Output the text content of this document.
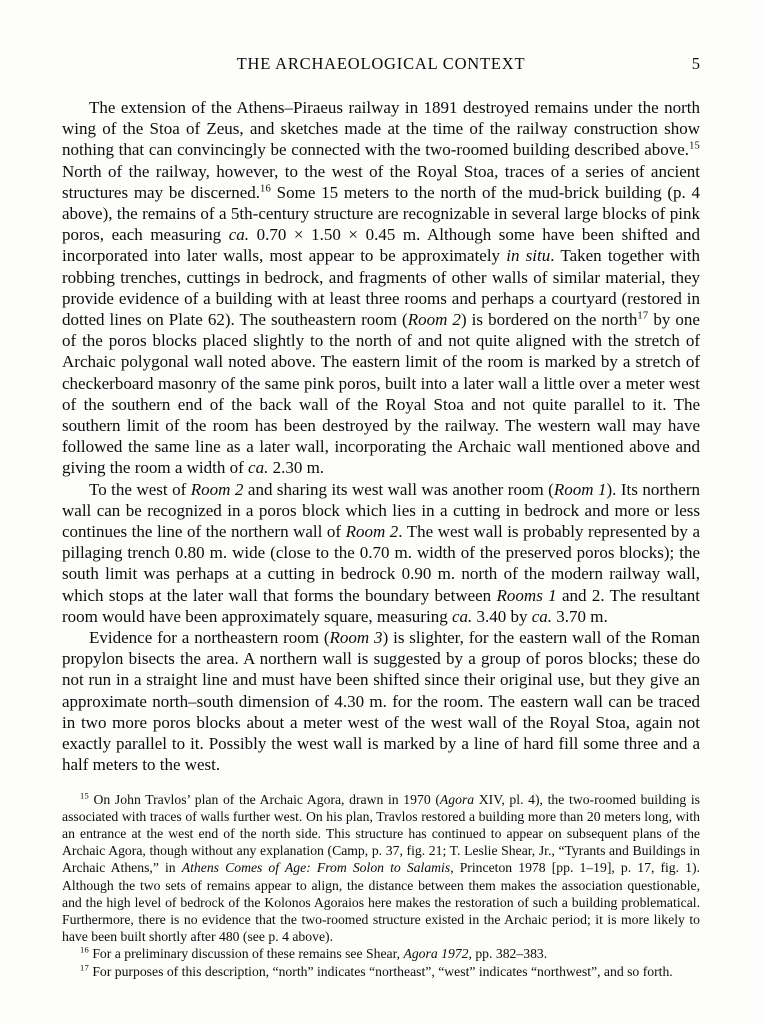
THE ARCHAEOLOGICAL CONTEXT	5

The extension of the Athens–Piraeus railway in 1891 destroyed remains under the north wing of the Stoa of Zeus, and sketches made at the time of the railway construction show nothing that can convincingly be connected with the two-roomed building described above.$^{15}$ North of the railway, however, to the west of the Royal Stoa, traces of a series of ancient structures may be discerned.$^{16}$ Some 15 meters to the north of the mud-brick building (p. 4 above), the remains of a 5th-century structure are recognizable in several large blocks of pink poros, each measuring ca. 0.70 × 1.50 × 0.45 m. Although some have been shifted and incorporated into later walls, most appear to be approximately in situ. Taken together with robbing trenches, cuttings in bedrock, and fragments of other walls of similar material, they provide evidence of a building with at least three rooms and perhaps a courtyard (restored in dotted lines on Plate 62). The southeastern room (Room 2) is bordered on the north$^{17}$ by one of the poros blocks placed slightly to the north of and not quite aligned with the stretch of Archaic polygonal wall noted above. The eastern limit of the room is marked by a stretch of checkerboard masonry of the same pink poros, built into a later wall a little over a meter west of the southern end of the back wall of the Royal Stoa and not quite parallel to it. The southern limit of the room has been destroyed by the railway. The western wall may have followed the same line as a later wall, incorporating the Archaic wall mentioned above and giving the room a width of ca. 2.30 m.

To the west of Room 2 and sharing its west wall was another room (Room 1). Its northern wall can be recognized in a poros block which lies in a cutting in bedrock and more or less continues the line of the northern wall of Room 2. The west wall is probably represented by a pillaging trench 0.80 m. wide (close to the 0.70 m. width of the preserved poros blocks); the south limit was perhaps at a cutting in bedrock 0.90 m. north of the modern railway wall, which stops at the later wall that forms the boundary between Rooms 1 and 2. The resultant room would have been approximately square, measuring ca. 3.40 by ca. 3.70 m.

Evidence for a northeastern room (Room 3) is slighter, for the eastern wall of the Roman propylon bisects the area. A northern wall is suggested by a group of poros blocks; these do not run in a straight line and must have been shifted since their original use, but they give an approximate north–south dimension of 4.30 m. for the room. The eastern wall can be traced in two more poros blocks about a meter west of the west wall of the Royal Stoa, again not exactly parallel to it. Possibly the west wall is marked by a line of hard fill some three and a half meters to the west.

$^{15}$ On John Travlos’ plan of the Archaic Agora, drawn in 1970 (Agora XIV, pl. 4), the two-roomed building is associated with traces of walls further west. On his plan, Travlos restored a building more than 20 meters long, with an entrance at the west end of the north side. This structure has continued to appear on subsequent plans of the Archaic Agora, though without any explanation (Camp, p. 37, fig. 21; T. Leslie Shear, Jr., “Tyrants and Buildings in Archaic Athens,” in Athens Comes of Age: From Solon to Salamis, Princeton 1978 [pp. 1–19], p. 17, fig. 1). Although the two sets of remains appear to align, the distance between them makes the association questionable, and the high level of bedrock of the Kolonos Agoraios here makes the restoration of such a building problematical. Furthermore, there is no evidence that the two-roomed structure existed in the Archaic period; it is more likely to have been built shortly after 480 (see p. 4 above).

$^{16}$ For a preliminary discussion of these remains see Shear, Agora 1972, pp. 382–383.

$^{17}$ For purposes of this description, “north” indicates “northeast”, “west” indicates “northwest”, and so forth.
